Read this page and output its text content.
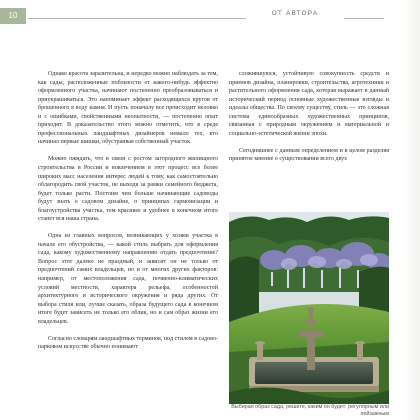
10	ОТ АВТОРА

Однако красота заразительна, и нередко можно наблюдать за тем, как сады, расположенные поблизости от какого-нибудь эффектно оформленного участка, начинают постепенно преобразовываться и приукрашиваться. Это напоминает эффект расходящихся кругов от брошенного в воду камня. И пусть поначалу все происходит неловко и с ошибками, свойственными неопытности, — постепенно опыт приходит. В доказательство этого можно отметить, что в среде профессиональных ландшафтных дизайнеров немало тех, кто начинал первые шишки, обустраивая собственный участок.

Можно ожидать, что в связи с ростом загородного жилищного строительства в России и вовлечением в этот процесс все более широких масс населения интерес людей к тому, как самостоятельно облагородить свой участок, не выходя за рамки семейного бюджета, будет только расти. Постоим чем больше начинающие садоводы будут знать о садовом дизайне, о принципах гармонизации и благоустройства участка, тем красивее и удобнее в конечном итоге станет вся наша страна.

Одна из главных вопросов, возникающих у хозяев участка в начале его обустройства, — какой стиль выбрать для оформления сада, какому художественному направлению отдать предпочтение? Вопрос этот далеко не праздный, и зависит он не только от предпочтений самих владельцев, но и от многих других факторов: например, от местоположения сада, почвенно-климатических условий местности, характера рельефа, особенностей архитектурного и исторического окружения и ряда других. От выбора стиля или, лучше сказать, образа будущего сада в конечном итоге будет зависеть не только его облик, но и сам образ жизни его владельцев.

Согласно словарям ландшафтных терминов, под стилем в садово-парковом искусстве обычно понимают

сложившуюся, устойчивую совокупность средств и приемов дизайна, планировки, строительства, агротехники и растительного оформления сада, которая выражает в данный исторический период основные художественные взгляды и идеалы общества. По своему существу, стиль — это сложная система единообразных художественных принципов, связанная с природным окружением и материальной и социально-эстетической жизни эпохи.

Сегодняшнее с данным определением и в целом разделяя принятое мнение о существовании всего двух

Выбирая образ сада, решите, каким он будет: регулярным или пейзажным
